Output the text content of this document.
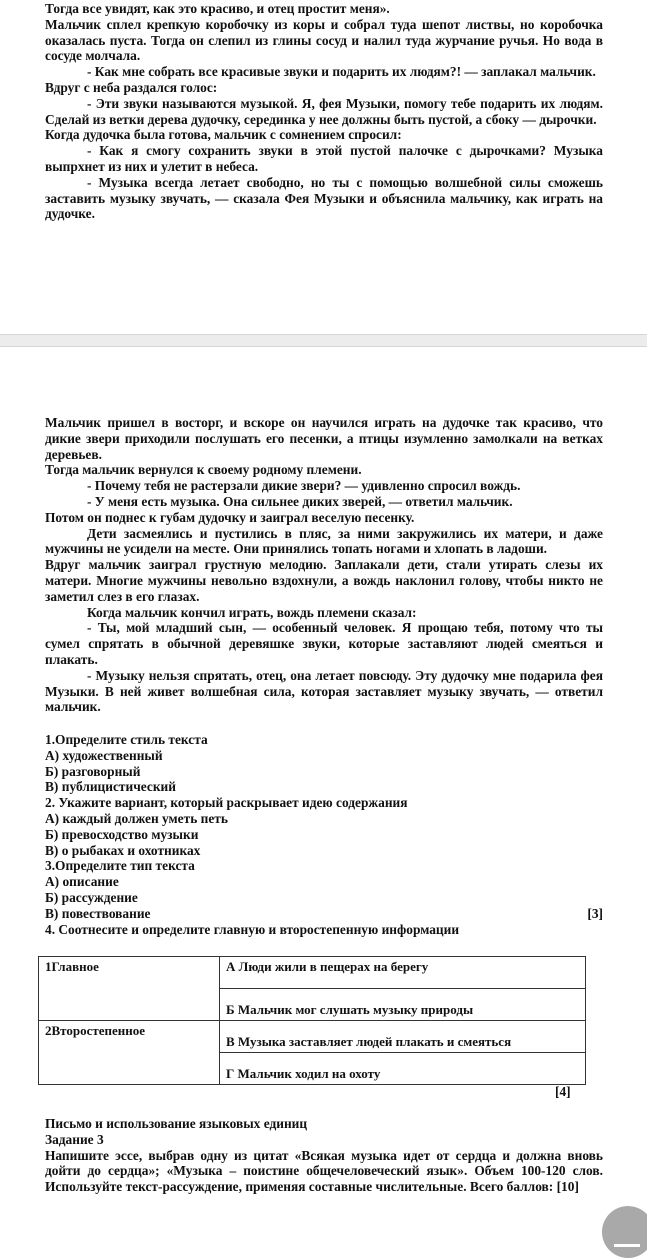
Тогда все увидят, как это красиво, и отец простит меня».

Мальчик сплел крепкую коробочку из коры и собрал туда шепот листвы, но коробочка оказалась пуста. Тогда он слепил из глины сосуд и налил туда журчание ручья. Но вода в сосуде молчала.

- Как мне собрать все красивые звуки и подарить их людям?! — заплакал мальчик.

Вдруг с неба раздался голос:

- Эти звуки называются музыкой. Я, фея Музыки, помогу тебе подарить их людям. Сделай из ветки дерева дудочку, серединка у нее должны быть пустой, а сбоку — дырочки.

Когда дудочка была готова, мальчик с сомнением спросил:

- Как я смогу сохранить звуки в этой пустой палочке с дырочками? Музыка выпрхнет из них и улетит в небеса.

- Музыка всегда летает свободно, но ты с помощью волшебной силы сможешь заставить музыку звучать, — сказала Фея Музыки и объяснила мальчику, как играть на дудочке.

Мальчик пришел в восторг, и вскоре он научился играть на дудочке так красиво, что дикие звери приходили послушать его песенки, а птицы изумленно замолкали на ветках деревьев.

Тогда мальчик вернулся к своему родному племени.

- Почему тебя не растерзали дикие звери? — удивленно спросил вождь.

- У меня есть музыка. Она сильнее диких зверей, — ответил мальчик.

Потом он поднес к губам дудочку и заиграл веселую песенку.

Дети засмеялись и пустились в пляс, за ними закружились их матери, и даже мужчины не усидели на месте. Они принялись топать ногами и хлопать в ладоши.

Вдруг мальчик заиграл грустную мелодию. Заплакали дети, стали утирать слезы их матери. Многие мужчины невольно вздохнули, а вождь наклонил голову, чтобы никто не заметил слез в его глазах.

Когда мальчик кончил играть, вождь племени сказал:

- Ты, мой младший сын, — особенный человек. Я прощаю тебя, потому что ты сумел спрятать в обычной деревяшке звуки, которые заставляют людей смеяться и плакать.

- Музыку нельзя спрятать, отец, она летает повсюду. Эту дудочку мне подарила фея Музыки. В ней живет волшебная сила, которая заставляет музыку звучать, — ответил мальчик.

1.Определите стиль текста

А) художественный

Б) разговорный

В) публицистический

2. Укажите вариант, который раскрывает идею содержания

А) каждый должен уметь петь

Б) превосходство музыки

В) о рыбаках и охотниках

3.Определите тип текста

А) описание

Б) рассуждение

В) повествование	[3]

4. Соотнесите и определите главную и второстепенную информации

1Главное	А Люди жили в пещерах на берегу
	Б Мальчик мог слушать музыку природы
2Второстепенное	В Музыка заставляет людей плакать и смеяться
	Г Мальчик ходил на охоту
[4]

Письмо и использование языковых единиц

Задание 3

Напишите эссе, выбрав одну из цитат «Всякая музыка идет от сердца и должна вновь дойти до сердца»; «Музыка – поистине общечеловеческий язык». Объем 100-120 слов. Используйте текст-рассуждение, применяя составные числительные. Всего баллов: [10]
